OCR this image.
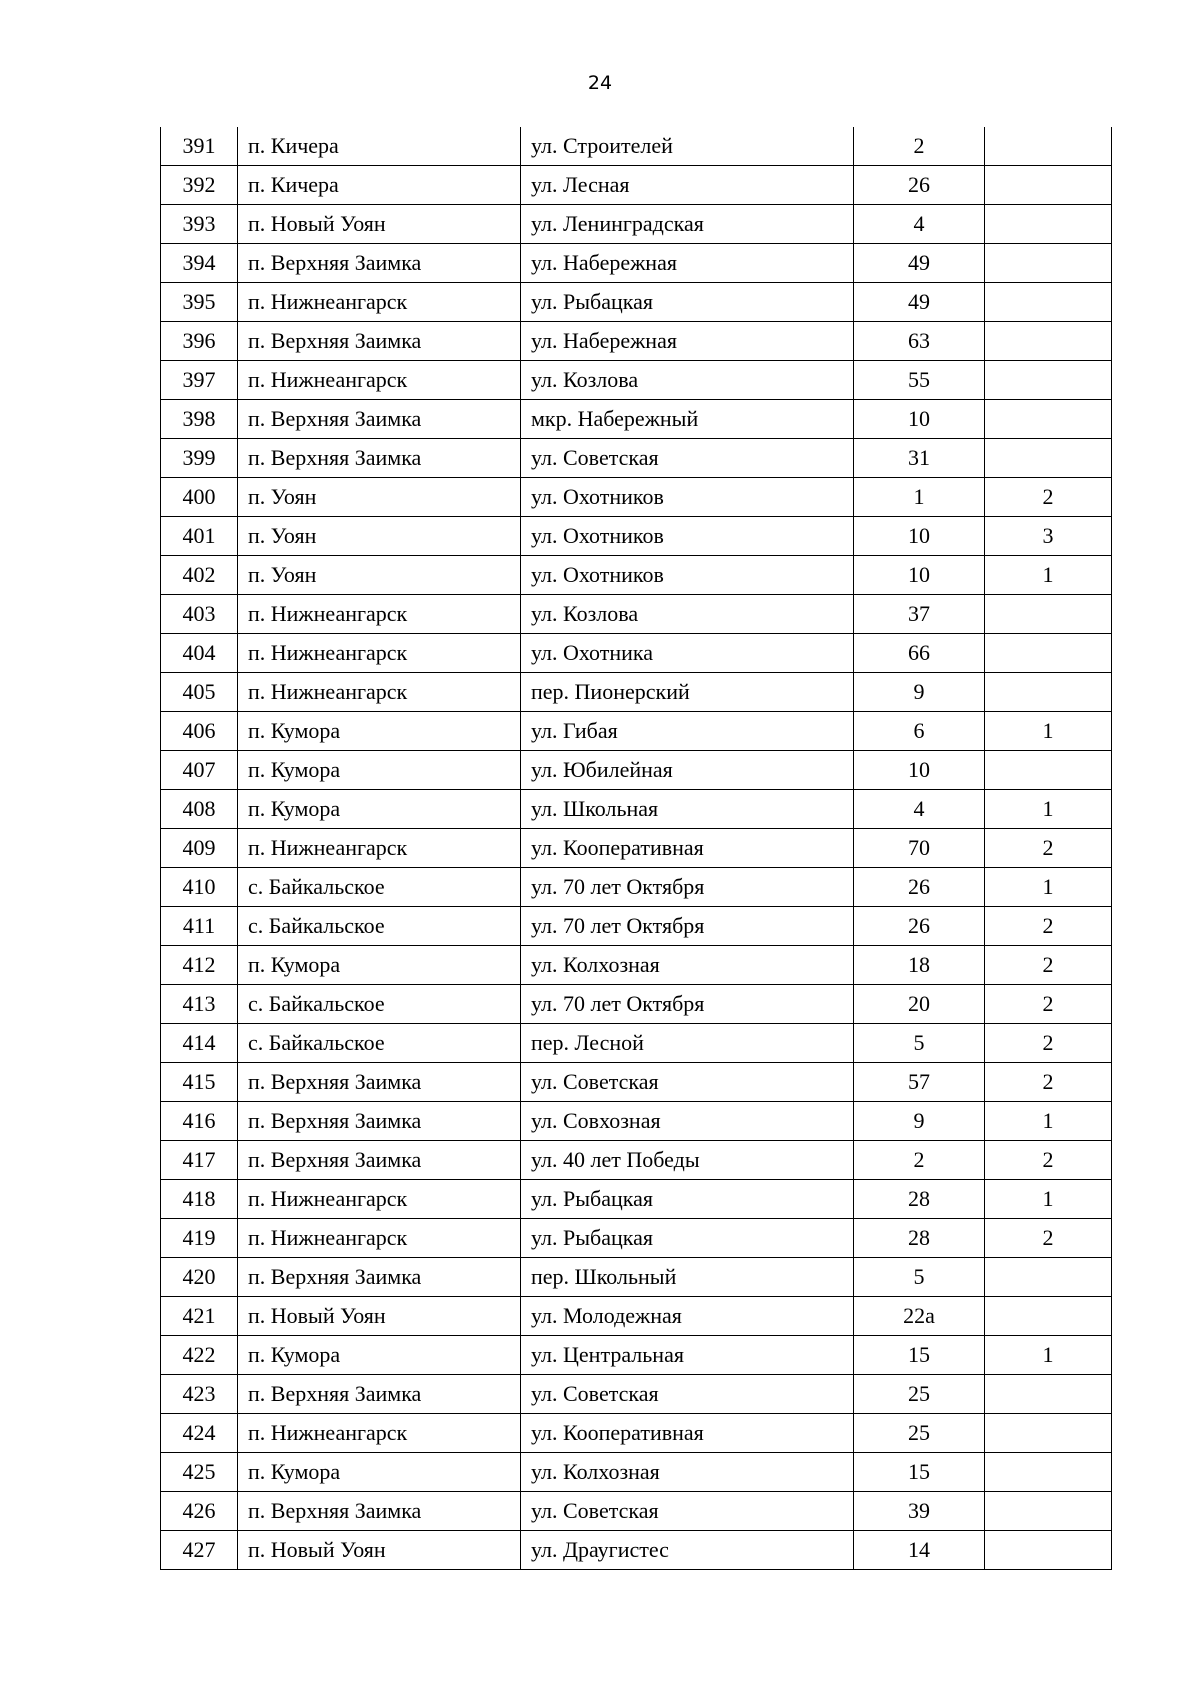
24
391	п. Кичера	ул. Строителей	2	
392	п. Кичера	ул. Лесная	26	
393	п. Новый Уоян	ул. Ленинградская	4	
394	п. Верхняя Заимка	ул. Набережная	49	
395	п. Нижнеангарск	ул. Рыбацкая	49	
396	п. Верхняя Заимка	ул. Набережная	63	
397	п. Нижнеангарск	ул. Козлова	55	
398	п. Верхняя Заимка	мкр. Набережный	10	
399	п. Верхняя Заимка	ул. Советская	31	
400	п. Уоян	ул. Охотников	1	2
401	п. Уоян	ул. Охотников	10	3
402	п. Уоян	ул. Охотников	10	1
403	п. Нижнеангарск	ул. Козлова	37	
404	п. Нижнеангарск	ул. Охотника	66	
405	п. Нижнеангарск	пер. Пионерский	9	
406	п. Кумора	ул. Гибая	6	1
407	п. Кумора	ул. Юбилейная	10	
408	п. Кумора	ул. Школьная	4	1
409	п. Нижнеангарск	ул. Кооперативная	70	2
410	с. Байкальское	ул. 70 лет Октября	26	1
411	с. Байкальское	ул. 70 лет Октября	26	2
412	п. Кумора	ул. Колхозная	18	2
413	с. Байкальское	ул. 70 лет Октября	20	2
414	с. Байкальское	пер. Лесной	5	2
415	п. Верхняя Заимка	ул. Советская	57	2
416	п. Верхняя Заимка	ул. Совхозная	9	1
417	п. Верхняя Заимка	ул. 40 лет Победы	2	2
418	п. Нижнеангарск	ул. Рыбацкая	28	1
419	п. Нижнеангарск	ул. Рыбацкая	28	2
420	п. Верхняя Заимка	пер. Школьный	5	
421	п. Новый Уоян	ул. Молодежная	22а	
422	п. Кумора	ул. Центральная	15	1
423	п. Верхняя Заимка	ул. Советская	25	
424	п. Нижнеангарск	ул. Кооперативная	25	
425	п. Кумора	ул. Колхозная	15	
426	п. Верхняя Заимка	ул. Советская	39	
427	п. Новый Уоян	ул. Драугистес	14	
